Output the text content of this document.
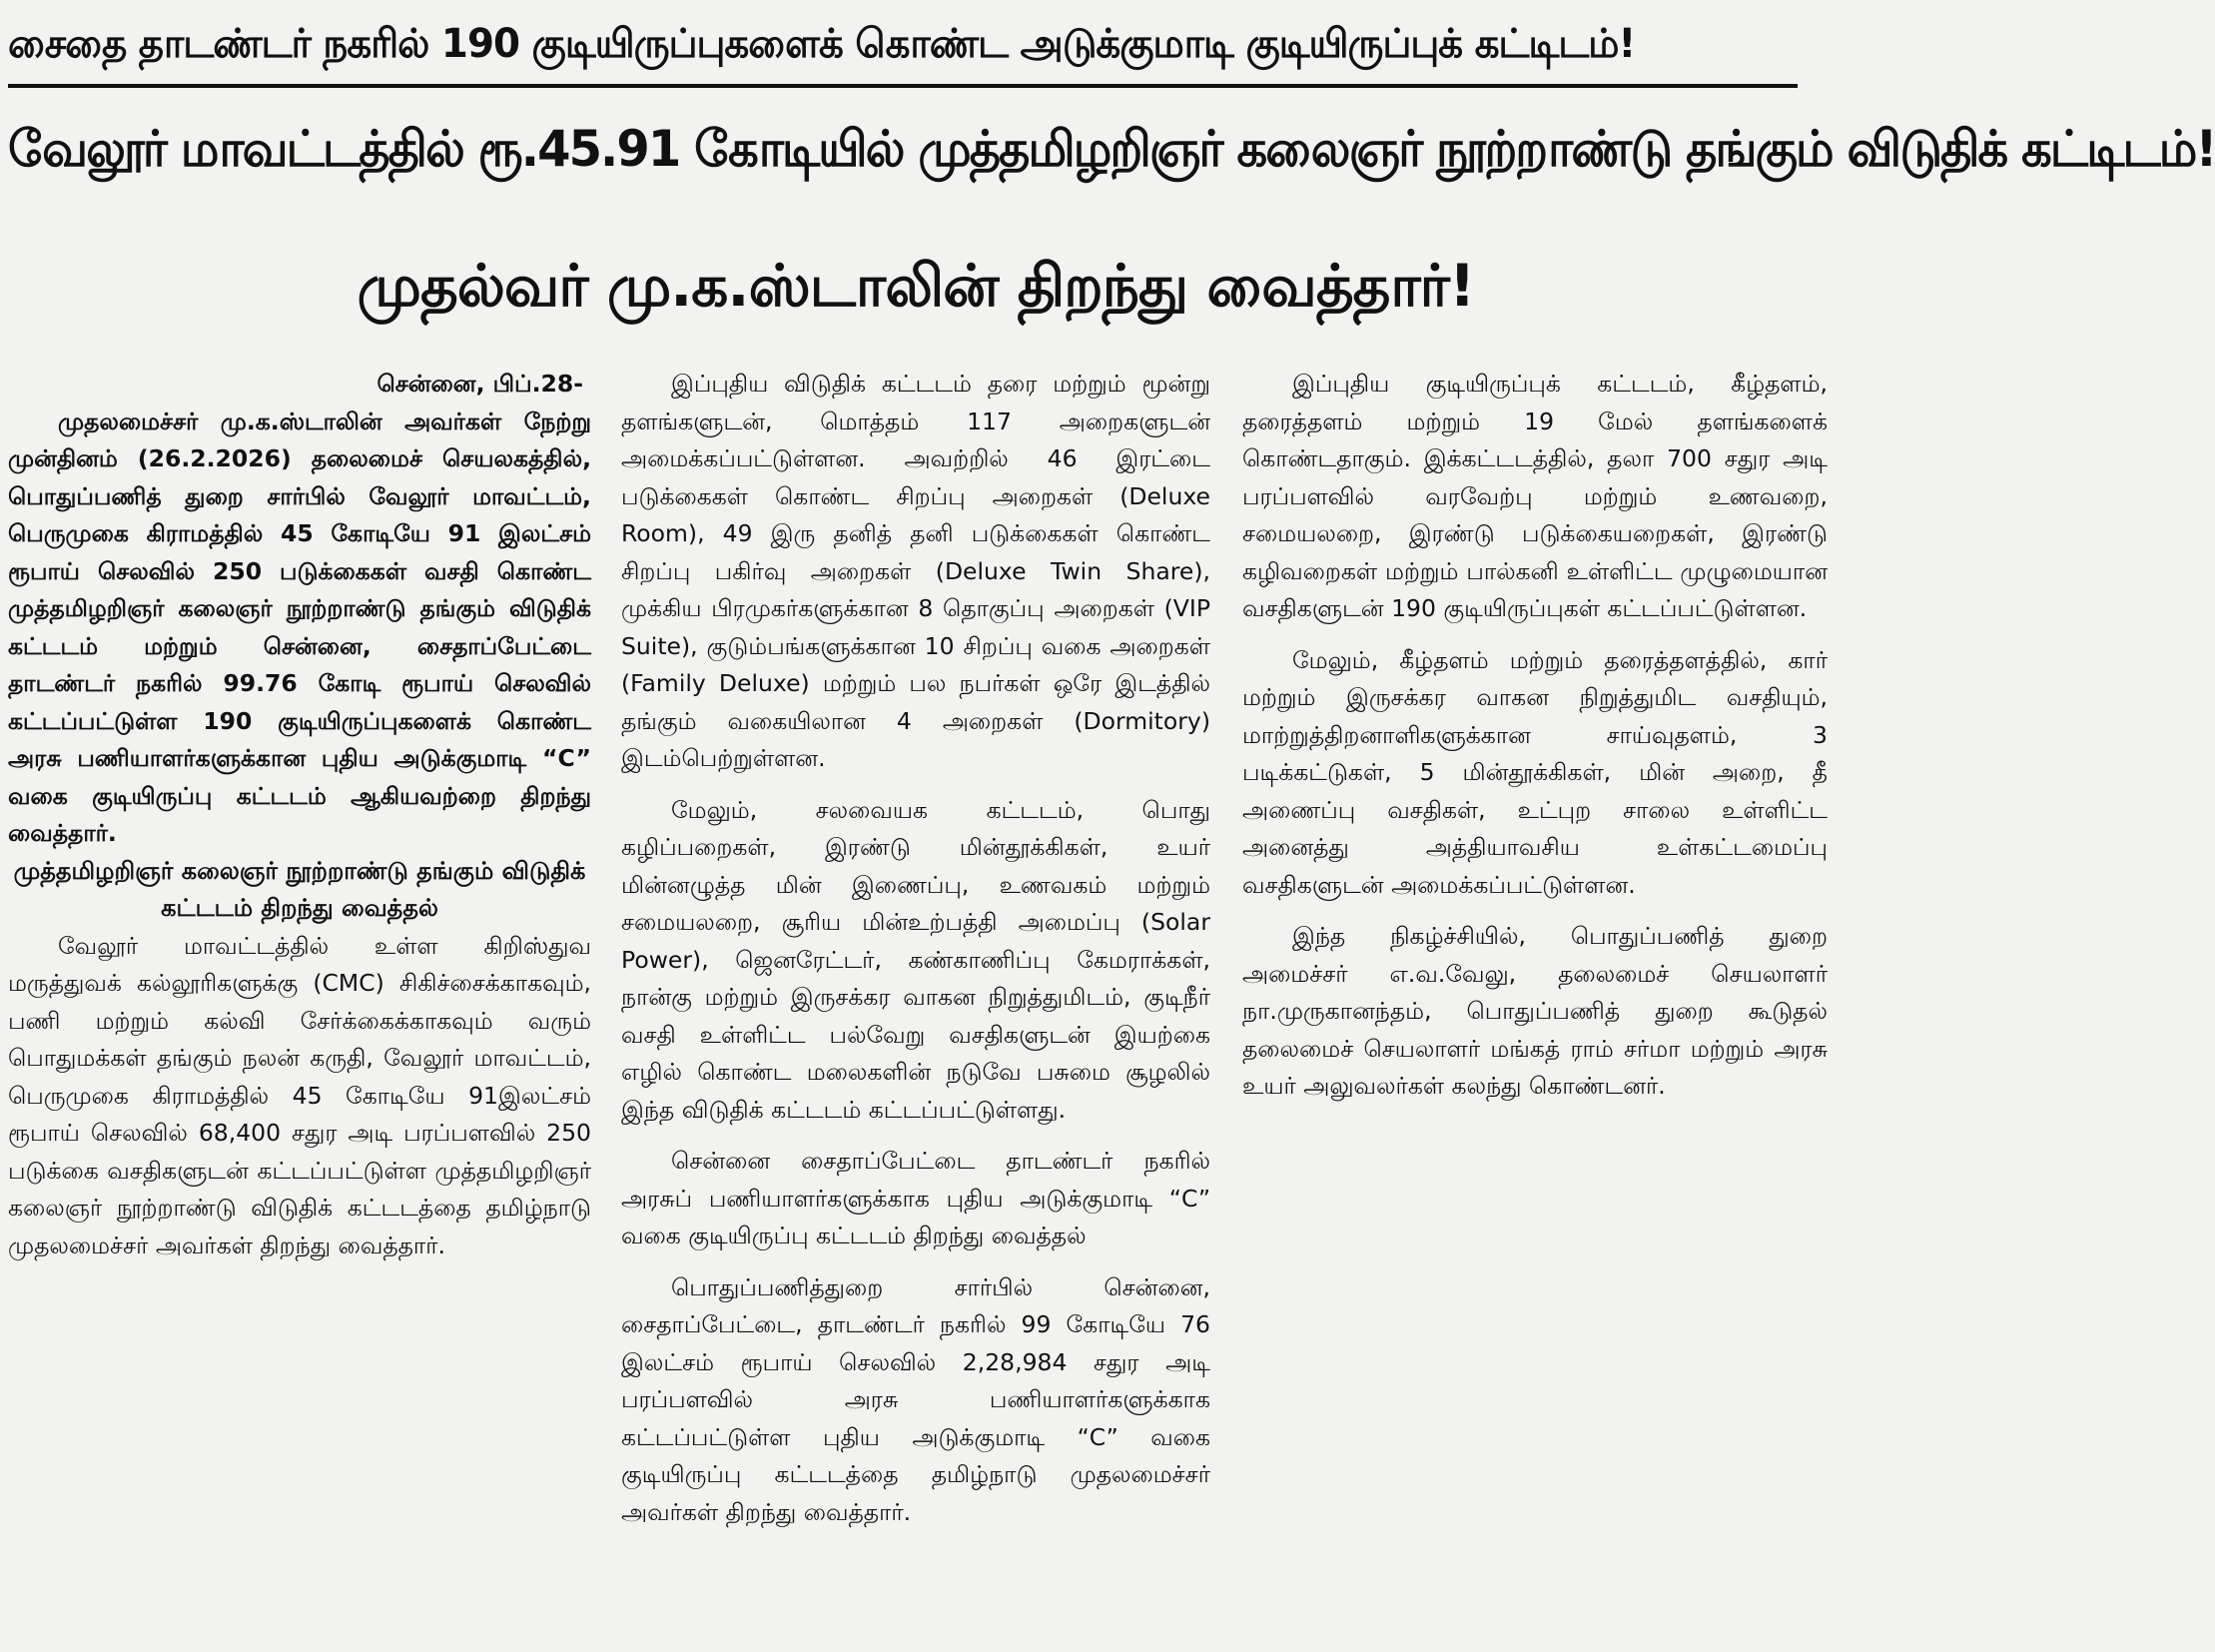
சைதை தாடண்டர் நகரில் 190 குடியிருப்புகளைக் கொண்ட அடுக்குமாடி குடியிருப்புக் கட்டிடம்!
வேலூர் மாவட்டத்தில் ரூ.45.91 கோடியில் முத்தமிழறிஞர் கலைஞர் நூற்றாண்டு தங்கும் விடுதிக் கட்டிடம்!
முதல்வர் மு.க.ஸ்டாலின் திறந்து வைத்தார்!

சென்னை, பிப்.28-

முதலமைச்சர் மு.க.ஸ்டாலின் அவர்கள் நேற்று முன்தினம் (26.2.2026) தலைமைச் செயலகத்தில், பொதுப்பணித் துறை சார்பில் வேலூர் மாவட்டம், பெருமுகை கிராமத்தில் 45 கோடியே 91 இலட்சம் ரூபாய் செலவில் 250 படுக்கைகள் வசதி கொண்ட முத்தமிழறிஞர் கலைஞர் நூற்றாண்டு தங்கும் விடுதிக் கட்டடம் மற்றும் சென்னை, சைதாப்பேட்டை தாடண்டர் நகரில் 99.76 கோடி ரூபாய் செலவில் கட்டப்பட்டுள்ள 190 குடியிருப்புகளைக் கொண்ட அரசு பணியாளர்களுக்கான புதிய அடுக்குமாடி “C” வகை குடியிருப்பு கட்டடம் ஆகியவற்றை திறந்து வைத்தார்.

முத்தமிழறிஞர் கலைஞர் நூற்றாண்டு தங்கும் விடுதிக் கட்டடம் திறந்து வைத்தல்

வேலூர் மாவட்டத்தில் உள்ள கிறிஸ்துவ மருத்துவக் கல்லூரிகளுக்கு (CMC) சிகிச்சைக்காகவும், பணி மற்றும் கல்வி சேர்க்கைக்காகவும் வரும் பொதுமக்கள் தங்கும் நலன் கருதி, வேலூர் மாவட்டம், பெருமுகை கிராமத்தில் 45 கோடியே 91இலட்சம் ரூபாய் செலவில் 68,400 சதுர அடி பரப்பளவில் 250 படுக்கை வசதிகளுடன் கட்டப்பட்டுள்ள முத்தமிழறிஞர் கலைஞர் நூற்றாண்டு விடுதிக் கட்டடத்தை தமிழ்நாடு முதலமைச்சர் அவர்கள் திறந்து வைத்தார்.

இப்புதிய விடுதிக் கட்டடம் தரை மற்றும் மூன்று தளங்களுடன், மொத்தம் 117 அறைகளுடன் அமைக்கப்பட்டுள்ளன. அவற்றில் 46 இரட்டை படுக்கைகள் கொண்ட சிறப்பு அறைகள் (Deluxe Room), 49 இரு தனித் தனி படுக்கைகள் கொண்ட சிறப்பு பகிர்வு அறைகள் (Deluxe Twin Share), முக்கிய பிரமுகர்களுக்கான 8 தொகுப்பு அறைகள் (VIP Suite), குடும்பங்களுக்கான 10 சிறப்பு வகை அறைகள் (Family Deluxe) மற்றும் பல நபர்கள் ஒரே இடத்தில் தங்கும் வகையிலான 4 அறைகள் (Dormitory) இடம்பெற்றுள்ளன.

மேலும், சலவையக கட்டடம், பொது கழிப்பறைகள், இரண்டு மின்தூக்கிகள், உயர் மின்னழுத்த மின் இணைப்பு, உணவகம் மற்றும் சமையலறை, சூரிய மின்உற்பத்தி அமைப்பு (Solar Power), ஜெனரேட்டர், கண்காணிப்பு கேமராக்கள், நான்கு மற்றும் இருசக்கர வாகன நிறுத்துமிடம், குடிநீர் வசதி உள்ளிட்ட பல்வேறு வசதிகளுடன் இயற்கை எழில் கொண்ட மலைகளின் நடுவே பசுமை சூழலில் இந்த விடுதிக் கட்டடம் கட்டப்பட்டுள்ளது.

சென்னை சைதாப்பேட்டை தாடண்டர் நகரில் அரசுப் பணியாளர்களுக்காக புதிய அடுக்குமாடி “C” வகை குடியிருப்பு கட்டடம் திறந்து வைத்தல்

பொதுப்பணித்துறை சார்பில் சென்னை, சைதாப்பேட்டை, தாடண்டர் நகரில் 99 கோடியே 76 இலட்சம் ரூபாய் செலவில் 2,28,984 சதுர அடி பரப்பளவில் அரசு பணியாளர்களுக்காக கட்டப்பட்டுள்ள புதிய அடுக்குமாடி “C” வகை குடியிருப்பு கட்டடத்தை தமிழ்நாடு முதலமைச்சர் அவர்கள் திறந்து வைத்தார்.

இப்புதிய குடியிருப்புக் கட்டடம், கீழ்தளம், தரைத்தளம் மற்றும் 19 மேல் தளங்களைக் கொண்டதாகும். இக்கட்டடத்தில், தலா 700 சதுர அடி பரப்பளவில் வரவேற்பு மற்றும் உணவறை, சமையலறை, இரண்டு படுக்கையறைகள், இரண்டு கழிவறைகள் மற்றும் பால்கனி உள்ளிட்ட முழுமையான வசதிகளுடன் 190 குடியிருப்புகள் கட்டப்பட்டுள்ளன.

மேலும், கீழ்தளம் மற்றும் தரைத்தளத்தில், கார் மற்றும் இருசக்கர வாகன நிறுத்துமிட வசதியும், மாற்றுத்திறனாளிகளுக்கான சாய்வுதளம், 3 படிக்கட்டுகள், 5 மின்தூக்கிகள், மின் அறை, தீ அணைப்பு வசதிகள், உட்புற சாலை உள்ளிட்ட அனைத்து அத்தியாவசிய உள்கட்டமைப்பு வசதிகளுடன் அமைக்கப்பட்டுள்ளன.

இந்த நிகழ்ச்சியில், பொதுப்பணித் துறை அமைச்சர் எ.வ.வேலு, தலைமைச் செயலாளர் நா.முருகானந்தம், பொதுப்பணித் துறை கூடுதல் தலைமைச் செயலாளர் மங்கத் ராம் சர்மா மற்றும் அரசு உயர் அலுவலர்கள் கலந்து கொண்டனர்.
